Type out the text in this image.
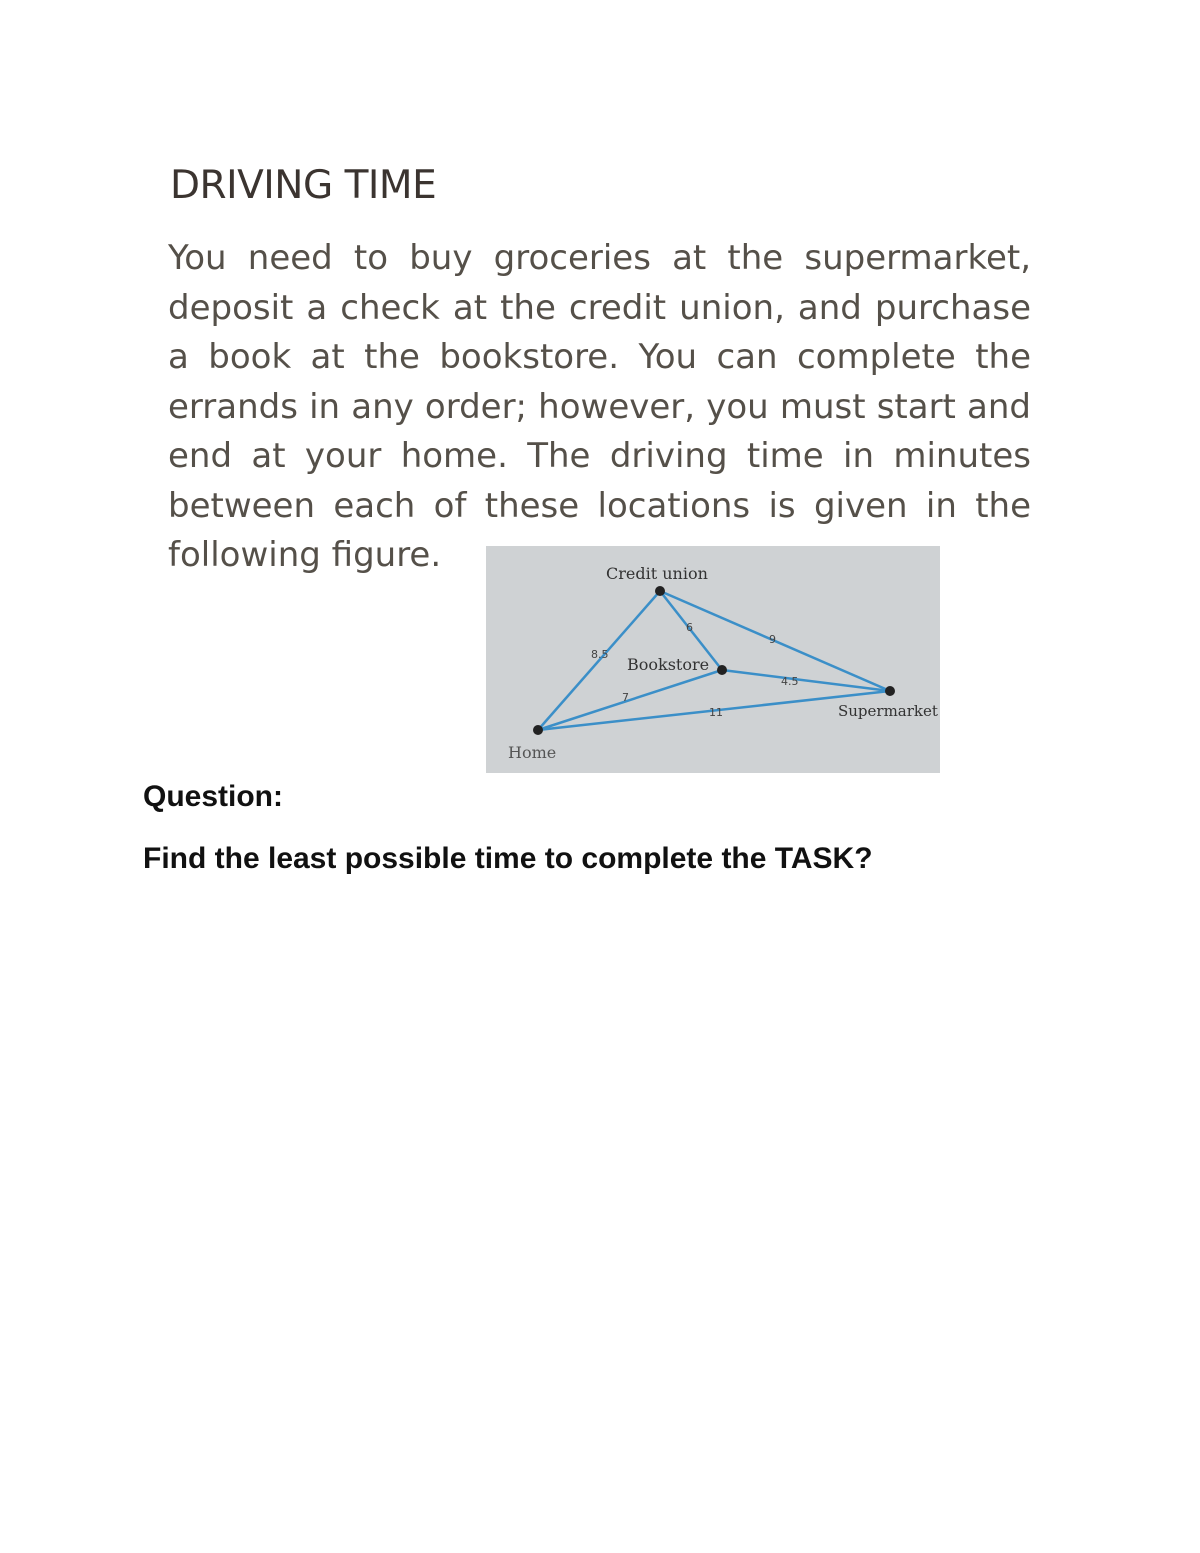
DRIVING TIME

You need to buy groceries at the supermarket, deposit a check at the credit union, and purchase a book at the bookstore. You can complete the errands in any order; however, you must start and end at your home. The driving time in minutes between each of these locations is given in the following figure.	Credit union
Bookstore
Supermarket
Home
8.5
6
9
7
4.5
11

Question:

Find the least possible time to complete the TASK?
